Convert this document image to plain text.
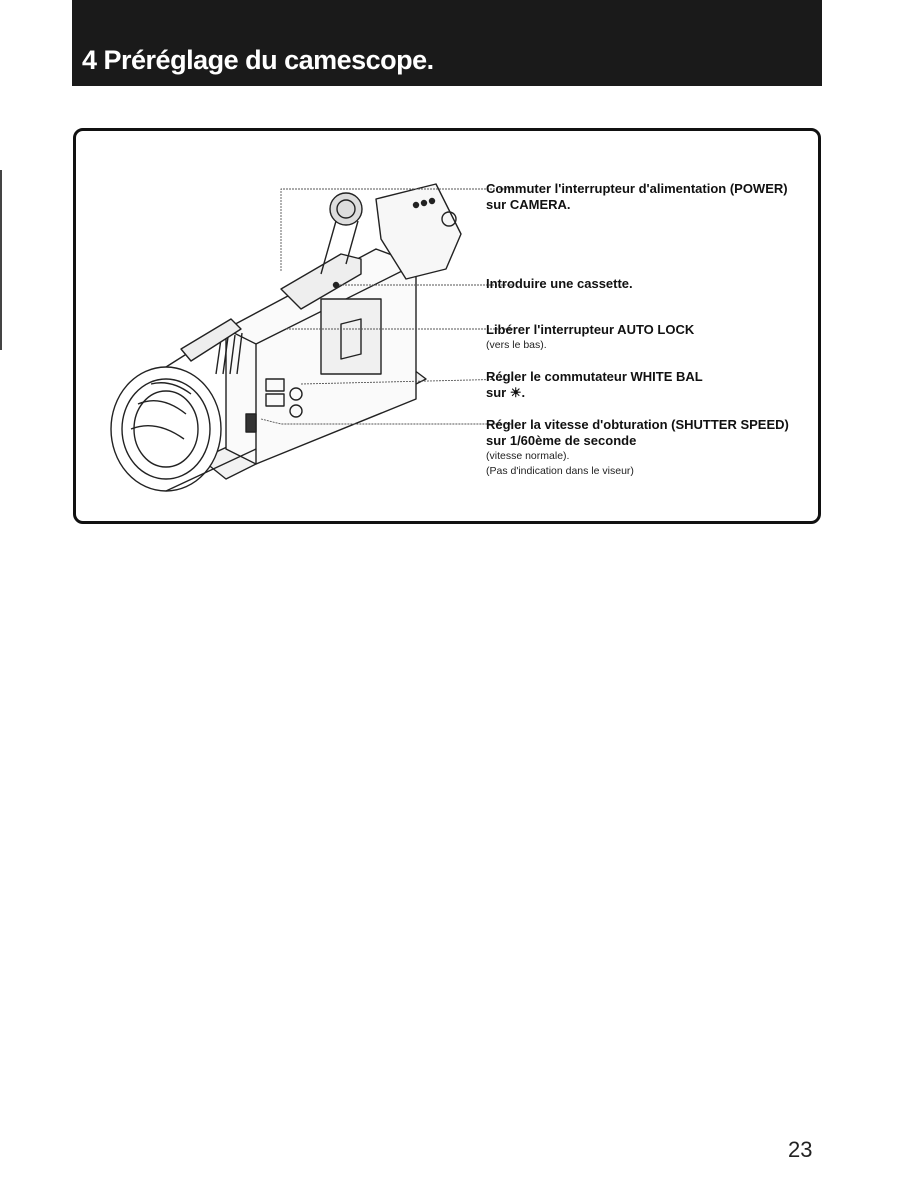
4 Préréglage du camescope.
Commuter l'interrupteur d'alimentation (POWER)
sur CAMERA.
Introduire une cassette.
Libérer l'interrupteur AUTO LOCK
(vers le bas).
Régler le commutateur WHITE BAL
sur ☀.
Régler la vitesse d'obturation (SHUTTER SPEED)
sur 1/60ème de seconde
(vitesse normale).
(Pas d'indication dans le viseur)
23
